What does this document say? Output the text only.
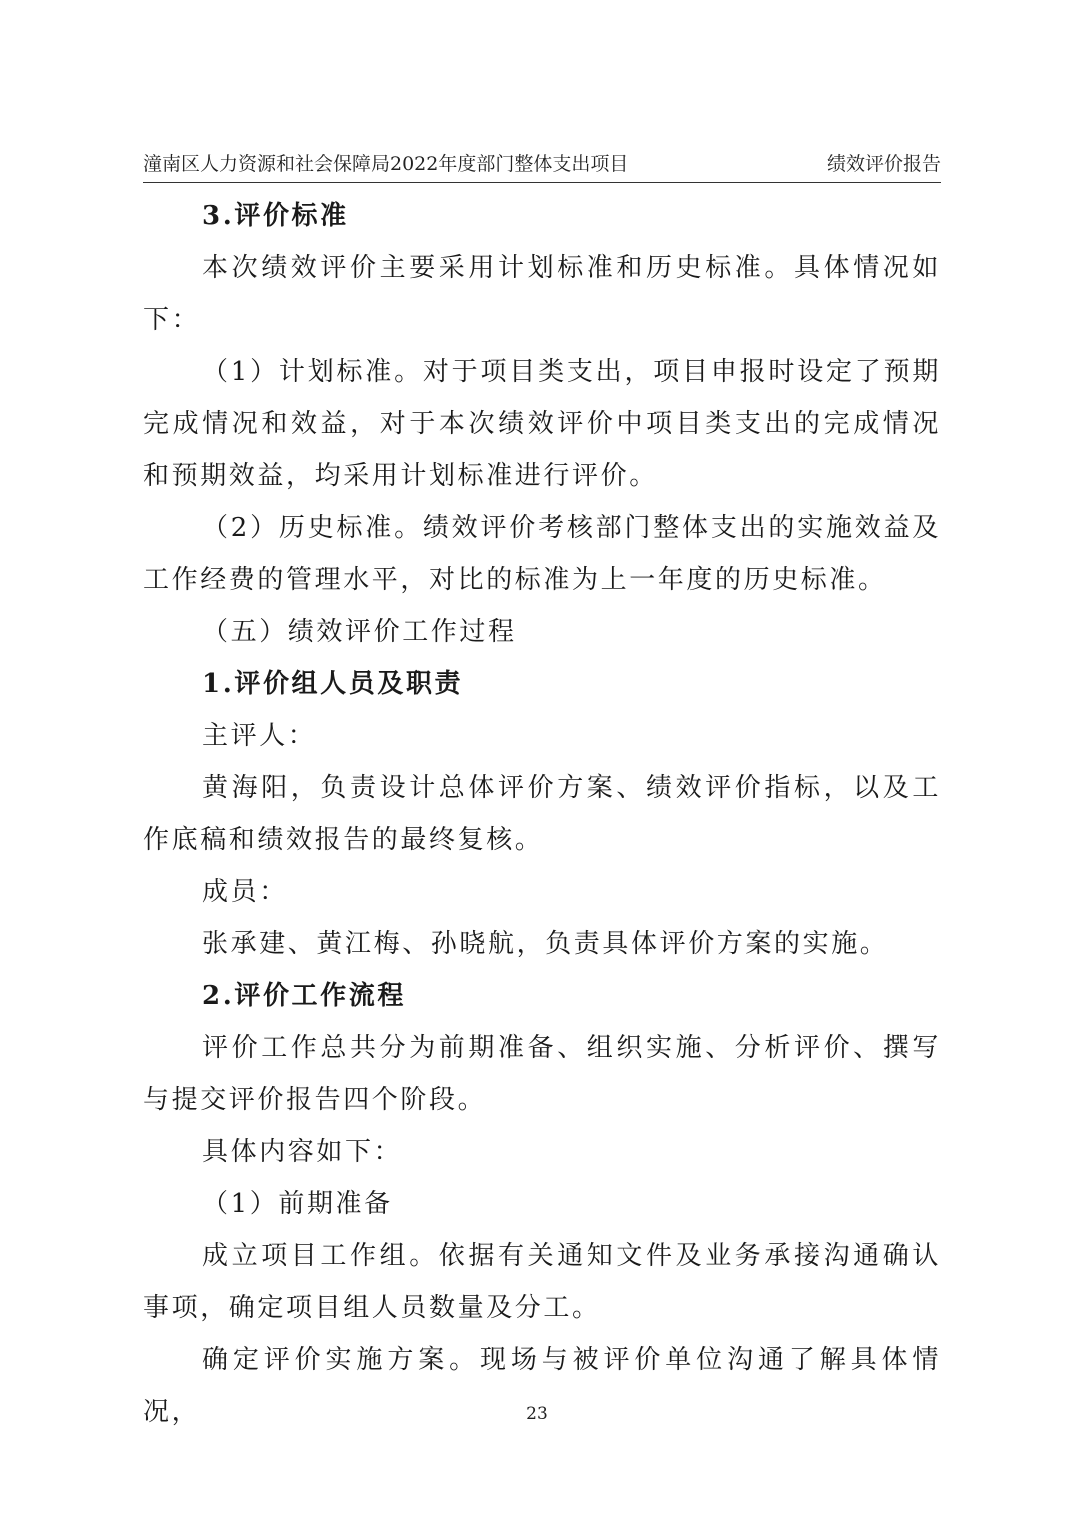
潼南区人力资源和社会保障局2022年度部门整体支出项目	绩效评价报告

3.评价标准

本次绩效评价主要采用计划标准和历史标准。具体情况如下：

（1）计划标准。对于项目类支出，项目申报时设定了预期完成情况和效益，对于本次绩效评价中项目类支出的完成情况和预期效益，均采用计划标准进行评价。

（2）历史标准。绩效评价考核部门整体支出的实施效益及工作经费的管理水平，对比的标准为上一年度的历史标准。

（五）绩效评价工作过程

1.评价组人员及职责

主评人：

黄海阳，负责设计总体评价方案、绩效评价指标，以及工作底稿和绩效报告的最终复核。

成员：

张承建、黄江梅、孙晓航，负责具体评价方案的实施。

2.评价工作流程

评价工作总共分为前期准备、组织实施、分析评价、撰写与提交评价报告四个阶段。

具体内容如下：

（1）前期准备

成立项目工作组。依据有关通知文件及业务承接沟通确认事项，确定项目组人员数量及分工。

确定评价实施方案。现场与被评价单位沟通了解具体情况，	23
